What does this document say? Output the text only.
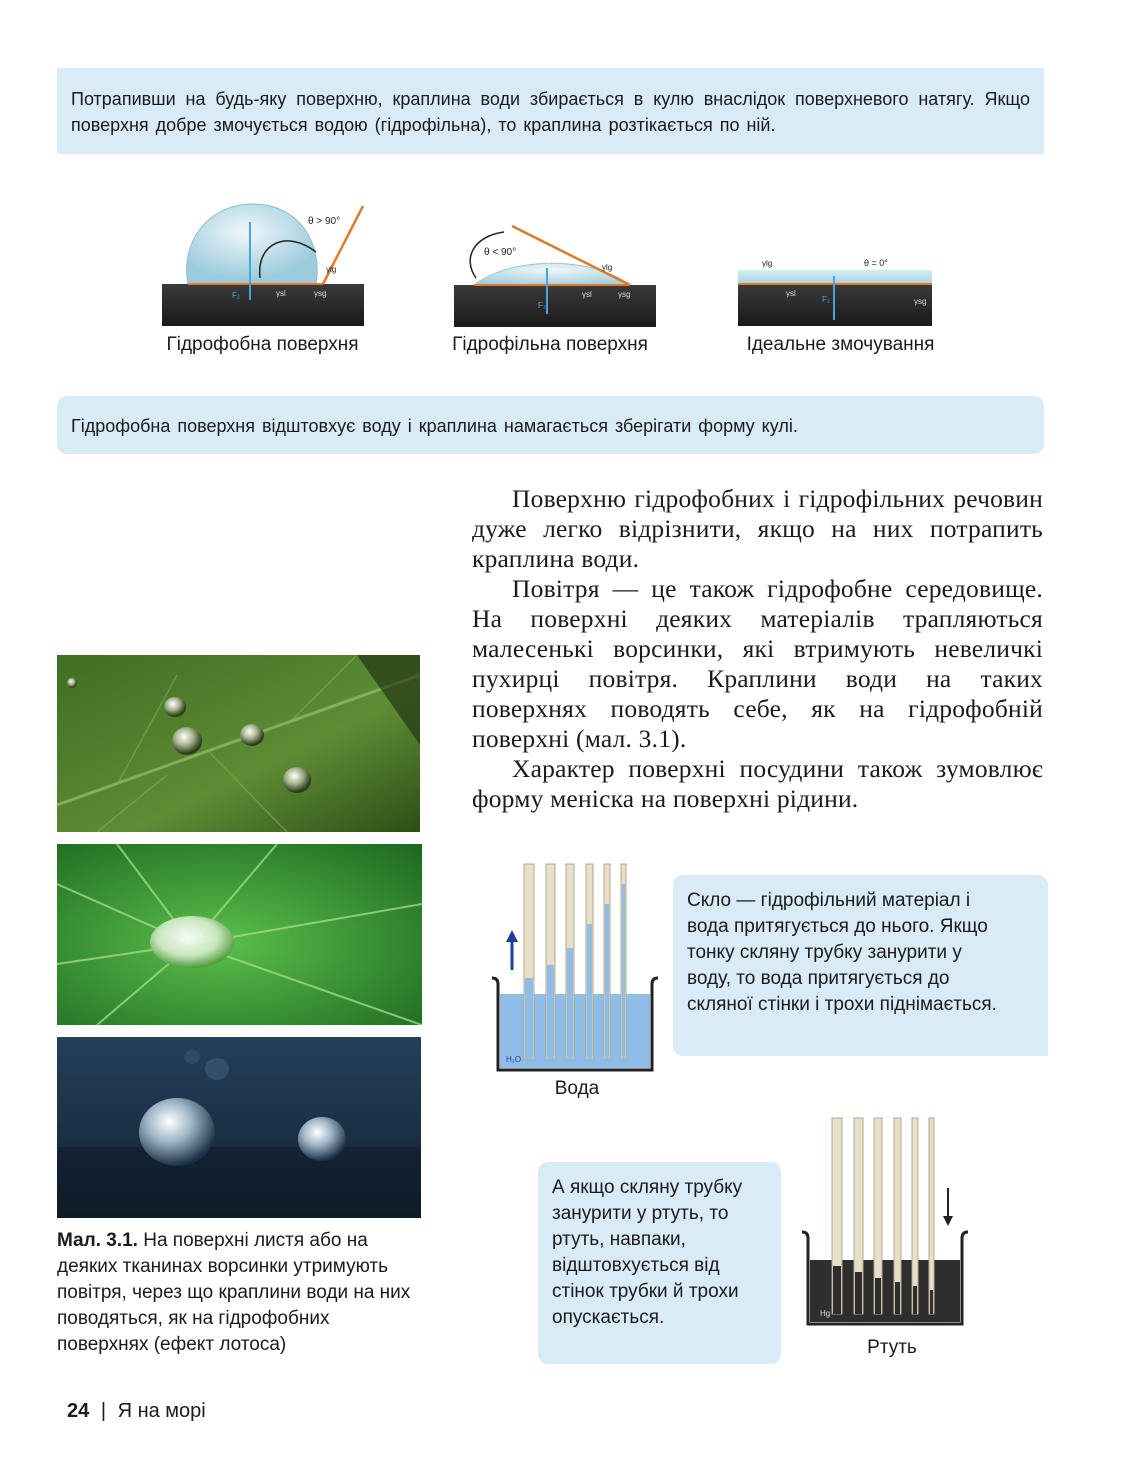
Потрапивши на будь-яку поверхню, краплина води збирається в кулю внаслідок поверхневого натягу. Якщо поверхня добре змочується водою (гідрофільна), то краплина розтікається по ній.
F₁
θ > 90°
γlg
F₂	γsl	γsg
Гідрофобна поверхня
θ < 90°
F₁
γlg
F₂
γsl	γsg
Гідрофільна поверхня
γlg	θ = 0°
γsl
F₂	γsg
Ідеальне змочування
Гідрофобна поверхня відштовхує воду і краплина намагається зберігати форму кулі.

Поверхню гідрофобних і гідрофільних речовин дуже легко відрізнити, якщо на них потрапить краплина води.

Повітря — це також гідрофобне середовище. На поверхні деяких матеріалів трапляються малесенькі ворсинки, які втримують невеличкі пухирці повітря. Краплини води на таких поверхнях поводять себе, як на гідрофобній поверхні (мал. 3.1).

Характер поверхні посудини також зумовлює форму меніска на поверхні рідини.

Мал. 3.1. На поверхні листя або на деяких тканинах ворсинки утримують повітря, через що краплини води на них поводяться, як на гідрофобних поверхнях (ефект лотоса)
H₂O
Вода
Скло — гідрофільний матеріал і вода притягується до нього. Якщо тонку скляну трубку занурити у воду, то вода притягується до скляної стінки і трохи піднімається.
А якщо скляну трубку занурити у ртуть, то ртуть, навпаки, відштовхується від стінок трубки й трохи опускається.	Hg
Ртуть
24 | Я на морі
